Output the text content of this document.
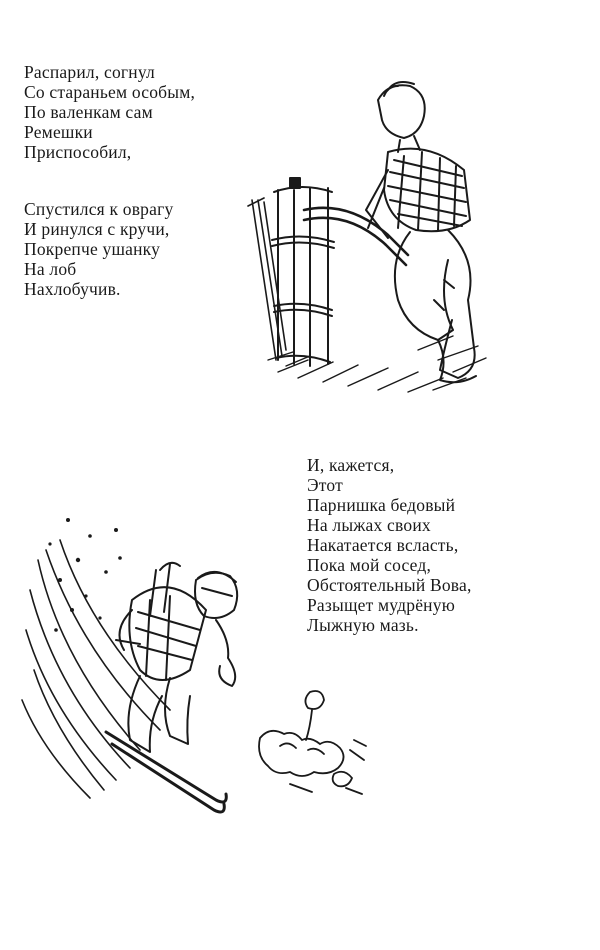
Распарил, согнул
Со стараньем особым,
По валенкам сам
Ремешки
Приспособил,
Спустился к оврагу
И ринулся с кручи,
Покрепче ушанку
На лоб
Нахлобучив.
И, кажется,
Этот
Парнишка бедовый
На лыжах своих
Накатается всласть,
Пока мой сосед,
Обстоятельный Вова,
Разыщет мудрёную
Лыжную мазь.
